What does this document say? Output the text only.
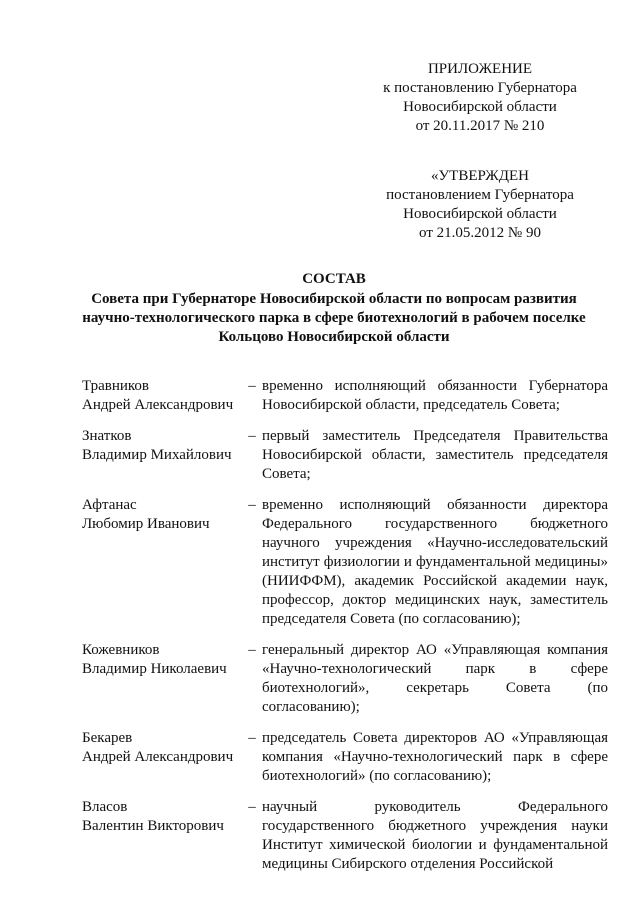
ПРИЛОЖЕНИЕ
к постановлению Губернатора
Новосибирской области
от 20.11.2017 № 210
«УТВЕРЖДЕН
постановлением Губернатора
Новосибирской области
от 21.05.2012 № 90
СОСТАВ
Совета при Губернаторе Новосибирской области по вопросам развития
научно-технологического парка в сфере биотехнологий в рабочем поселке
Кольцово Новосибирской области
Травников
Андрей Александрович
– временно исполняющий обязанности Губернатора Новосибирской области, председатель Совета;
Знатков
Владимир Михайлович
– первый заместитель Председателя Правительства Новосибирской области, заместитель председателя Совета;
Афтанас
Любомир Иванович
– временно исполняющий обязанности директора Федерального государственного бюджетного научного учреждения «Научно-исследовательский институт физиологии и фундаментальной медицины» (НИИФФМ), академик Российской академии наук, профессор, доктор медицинских наук, заместитель председателя Совета (по согласованию);
Кожевников
Владимир Николаевич
– генеральный директор АО «Управляющая компания «Научно-технологический парк в сфере биотехнологий», секретарь Совета (по согласованию);
Бекарев
Андрей Александрович
– председатель Совета директоров АО «Управляющая компания «Научно-технологический парк в сфере биотехнологий» (по согласованию);
Власов
Валентин Викторович
– научный руководитель Федерального государственного бюджетного учреждения науки Институт химической биологии и фундаментальной медицины Сибирского отделения Российской
